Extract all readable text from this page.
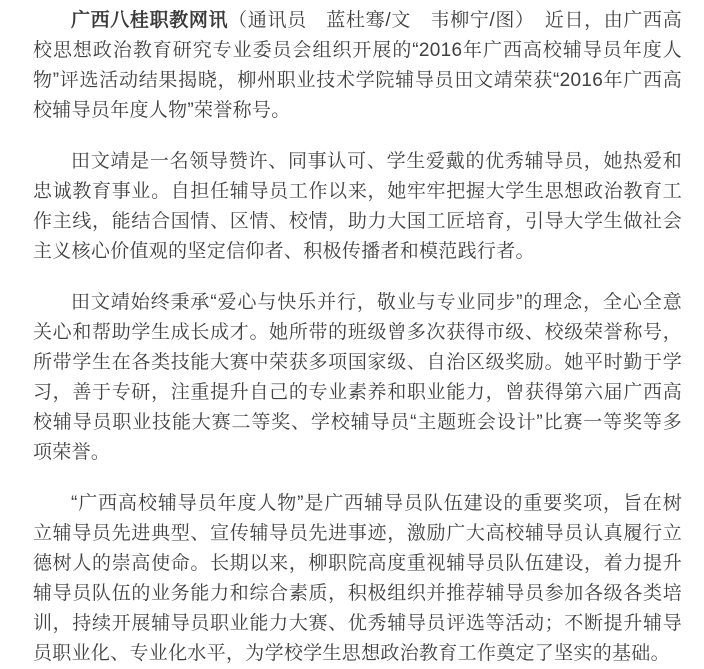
广西八桂职教网讯（通讯员　蓝杜骞/文　韦柳宁/图）　近日，由广西高校思想政治教育研究专业委员会组织开展的“2016年广西高校辅导员年度人物”评选活动结果揭晓，柳州职业技术学院辅导员田文靖荣获“2016年广西高校辅导员年度人物”荣誉称号。

田文靖是一名领导赞许、同事认可、学生爱戴的优秀辅导员，她热爱和忠诚教育事业。自担任辅导员工作以来，她牢牢把握大学生思想政治教育工作主线，能结合国情、区情、校情，助力大国工匠培育，引导大学生做社会主义核心价值观的坚定信仰者、积极传播者和模范践行者。

田文靖始终秉承“爱心与快乐并行，敬业与专业同步”的理念，全心全意关心和帮助学生成长成才。她所带的班级曾多次获得市级、校级荣誉称号，所带学生在各类技能大赛中荣获多项国家级、自治区级奖励。她平时勤于学习，善于专研，注重提升自己的专业素养和职业能力，曾获得第六届广西高校辅导员职业技能大赛二等奖、学校辅导员“主题班会设计”比赛一等奖等多项荣誉。

“广西高校辅导员年度人物”是广西辅导员队伍建设的重要奖项，旨在树立辅导员先进典型、宣传辅导员先进事迹，激励广大高校辅导员认真履行立德树人的崇高使命。长期以来，柳职院高度重视辅导员队伍建设，着力提升辅导员队伍的业务能力和综合素质，积极组织并推荐辅导员参加各级各类培训，持续开展辅导员职业能力大赛、优秀辅导员评选等活动；不断提升辅导员职业化、专业化水平，为学校学生思想政治教育工作奠定了坚实的基础。
